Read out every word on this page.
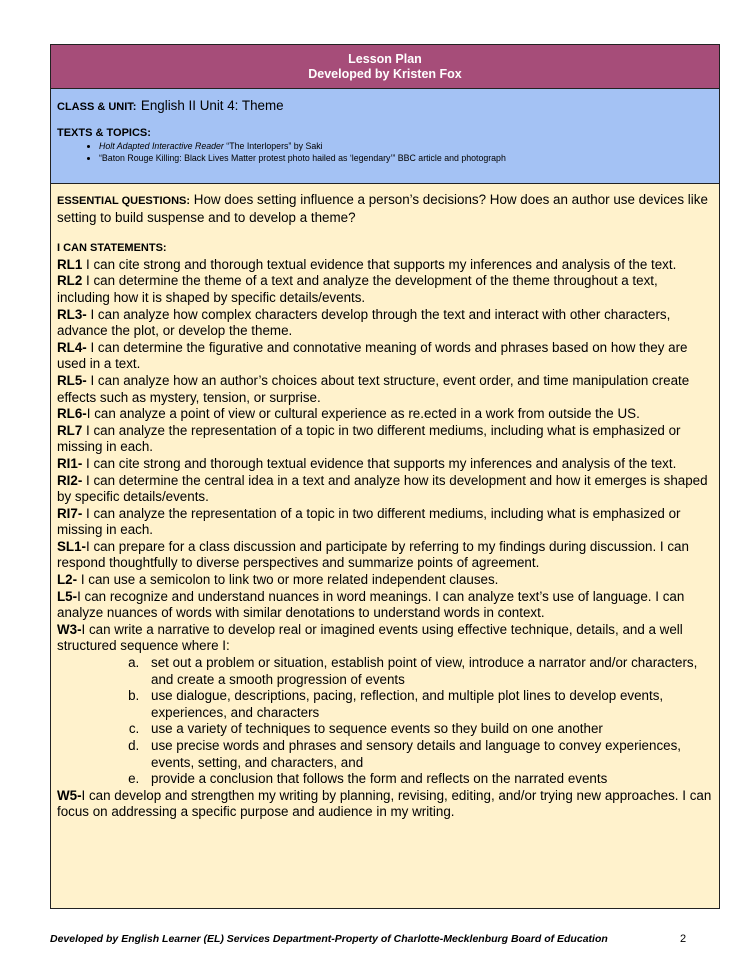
Lesson Plan
Developed by Kristen Fox
CLASS & UNIT: English II Unit 4: Theme
TEXTS & TOPICS:
• Holt Adapted Interactive Reader “The Interlopers” by Saki
• “Baton Rouge Killing: Black Lives Matter protest photo hailed as ‘legendary’” BBC article and photograph
ESSENTIAL QUESTIONS: How does setting influence a person’s decisions? How does an author use devices like setting to build suspense and to develop a theme?
I CAN STATEMENTS:
RL1 I can cite strong and thorough textual evidence that supports my inferences and analysis of the text.
RL2 I can determine the theme of a text and analyze the development of the theme throughout a text, including how it is shaped by specific details/events.
RL3- I can analyze how complex characters develop through the text and interact with other characters, advance the plot, or develop the theme.
RL4- I can determine the figurative and connotative meaning of words and phrases based on how they are used in a text.
RL5- I can analyze how an author’s choices about text structure, event order, and time manipulation create effects such as mystery, tension, or surprise.
RL6-I can analyze a point of view or cultural experience as re.ected in a work from outside the US.
RL7 I can analyze the representation of a topic in two different mediums, including what is emphasized or missing in each.
RI1- I can cite strong and thorough textual evidence that supports my inferences and analysis of the text.
RI2- I can determine the central idea in a text and analyze how its development and how it emerges is shaped by specific details/events.
RI7- I can analyze the representation of a topic in two different mediums, including what is emphasized or missing in each.
SL1-I can prepare for a class discussion and participate by referring to my findings during discussion. I can respond thoughtfully to diverse perspectives and summarize points of agreement.
L2- I can use a semicolon to link two or more related independent clauses.
L5-I can recognize and understand nuances in word meanings. I can analyze text’s use of language. I can analyze nuances of words with similar denotations to understand words in context.
W3-I can write a narrative to develop real or imagined events using effective technique, details, and a well structured sequence where I:
a. set out a problem or situation, establish point of view, introduce a narrator and/or characters, and create a smooth progression of events
b. use dialogue, descriptions, pacing, reflection, and multiple plot lines to develop events, experiences, and characters
c. use a variety of techniques to sequence events so they build on one another
d. use precise words and phrases and sensory details and language to convey experiences, events, setting, and characters, and
e. provide a conclusion that follows the form and reflects on the narrated events
W5-I can develop and strengthen my writing by planning, revising, editing, and/or trying new approaches. I can focus on addressing a specific purpose and audience in my writing.
Developed by English Learner (EL) Services Department-Property of Charlotte-Mecklenburg Board of Education	2
